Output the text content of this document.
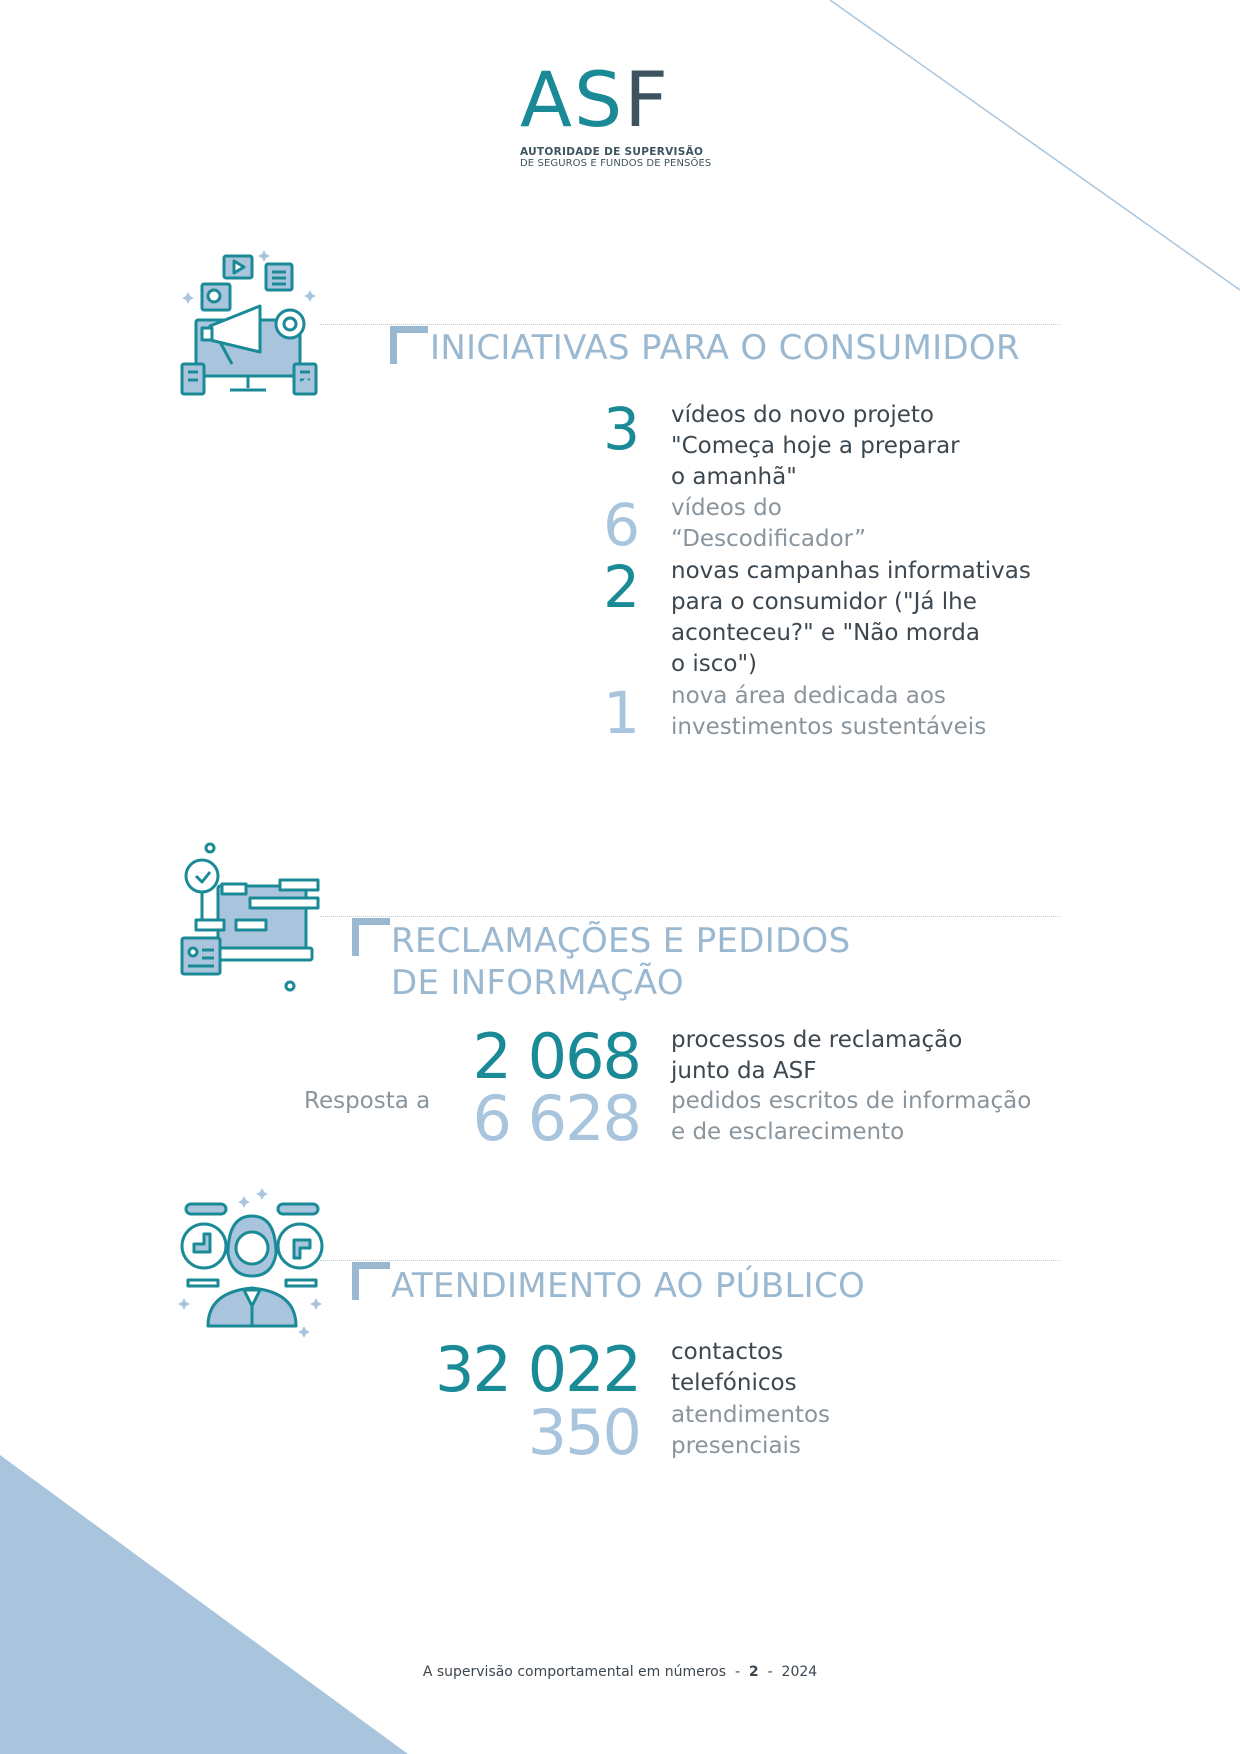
ASF
AUTORIDADE DE SUPERVISÃO
DE SEGUROS E FUNDOS DE PENSÕES
INICIATIVAS PARA O CONSUMIDOR
3 vídeos do novo projeto
"Começa hoje a preparar
o amanhã"
6 vídeos do
“Descodificador”
2 novas campanhas informativas
para o consumidor ("Já lhe
aconteceu?" e "Não morda
o isco")
1 nova área dedicada aos
investimentos sustentáveis
RECLAMAÇÕES E PEDIDOS
DE INFORMAÇÃO
2 068 processos de reclamação
junto da ASF
Resposta a 6 628 pedidos escritos de informação
e de esclarecimento
ATENDIMENTO AO PÚBLICO
32 022 contactos
telefónicos
350 atendimentos
presenciais
A supervisão comportamental em números - 2 - 2024
